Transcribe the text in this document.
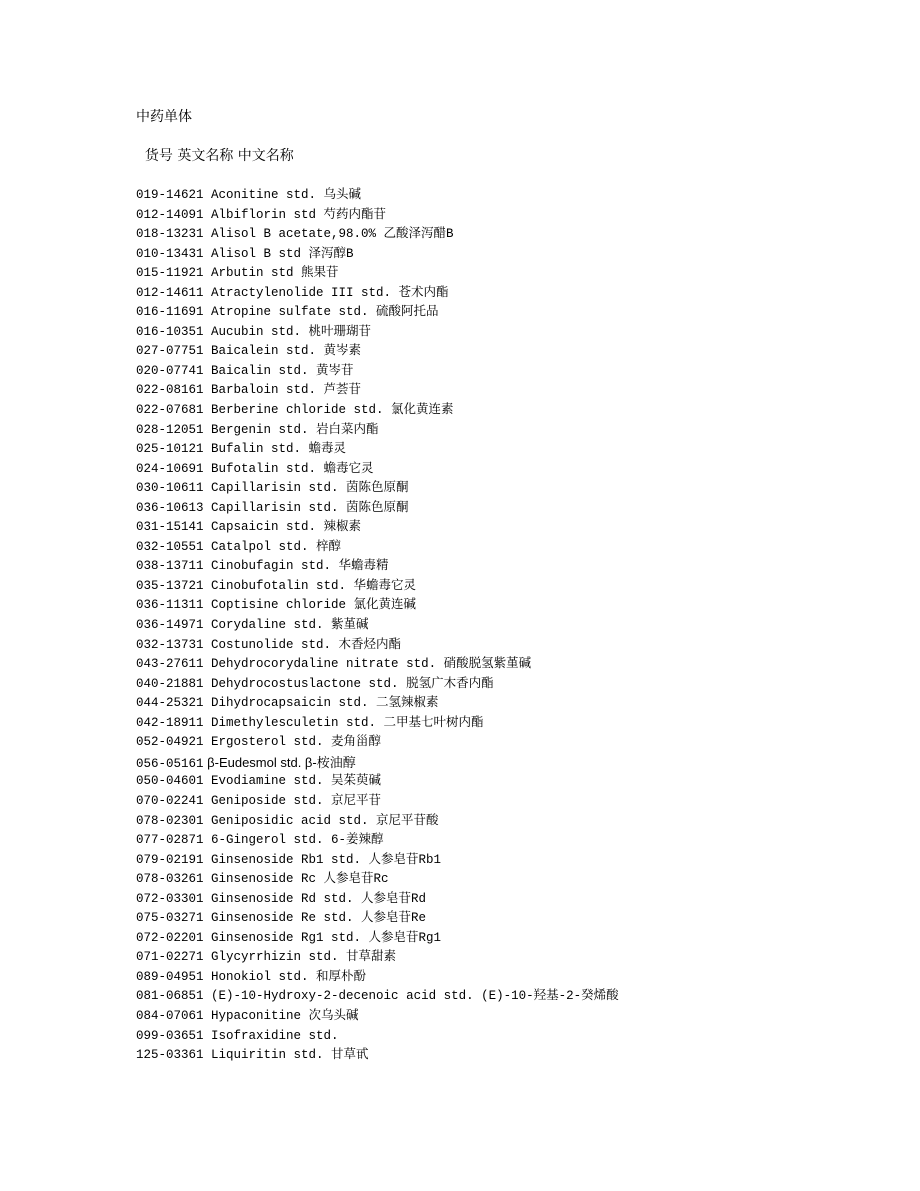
中药单体
货号 英文名称 中文名称
019-14621 Aconitine std. 乌头碱
012-14091 Albiflorin std 芍药内酯苷
018-13231 Alisol B acetate,98.0% 乙酸泽泻醋B
010-13431 Alisol B std 泽泻醇B
015-11921 Arbutin std 熊果苷
012-14611 Atractylenolide III std. 苍术内酯
016-11691 Atropine sulfate std. 硫酸阿托品
016-10351 Aucubin std. 桃叶珊瑚苷
027-07751 Baicalein std. 黄岑素
020-07741 Baicalin std. 黄岑苷
022-08161 Barbaloin std. 芦荟苷
022-07681 Berberine chloride std. 氯化黄连素
028-12051 Bergenin std. 岩白菜内酯
025-10121 Bufalin std. 蟾毒灵
024-10691 Bufotalin std. 蟾毒它灵
030-10611 Capillarisin std. 茵陈色原酮
036-10613 Capillarisin std. 茵陈色原酮
031-15141 Capsaicin std. 辣椒素
032-10551 Catalpol std. 梓醇
038-13711 Cinobufagin std. 华蟾毒精
035-13721 Cinobufotalin std. 华蟾毒它灵
036-11311 Coptisine chloride 氯化黄连碱
036-14971 Corydaline std. 紫堇碱
032-13731 Costunolide std. 木香烃内酯
043-27611 Dehydrocorydaline nitrate std. 硝酸脱氢紫堇碱
040-21881 Dehydrocostuslactone std. 脱氢广木香内酯
044-25321 Dihydrocapsaicin std. 二氢辣椒素
042-18911 Dimethylesculetin std. 二甲基七叶树内酯
052-04921 Ergosterol std. 麦角甾醇
056-05161 β-Eudesmol std. β-桉油醇
050-04601 Evodiamine std. 吴茱萸碱
070-02241 Geniposide std. 京尼平苷
078-02301 Geniposidic acid std. 京尼平苷酸
077-02871 6-Gingerol std. 6-姜辣醇
079-02191 Ginsenoside Rb1 std. 人参皂苷Rb1
078-03261 Ginsenoside Rc 人参皂苷Rc
072-03301 Ginsenoside Rd std. 人参皂苷Rd
075-03271 Ginsenoside Re std. 人参皂苷Re
072-02201 Ginsenoside Rg1 std. 人参皂苷Rg1
071-02271 Glycyrrhizin std. 甘草甜素
089-04951 Honokiol std. 和厚朴酚
081-06851 (E)-10-Hydroxy-2-decenoic acid std. (E)-10-羟基-2-癸烯酸
084-07061 Hypaconitine 次乌头碱
099-03651 Isofraxidine std.
125-03361 Liquiritin std. 甘草甙
